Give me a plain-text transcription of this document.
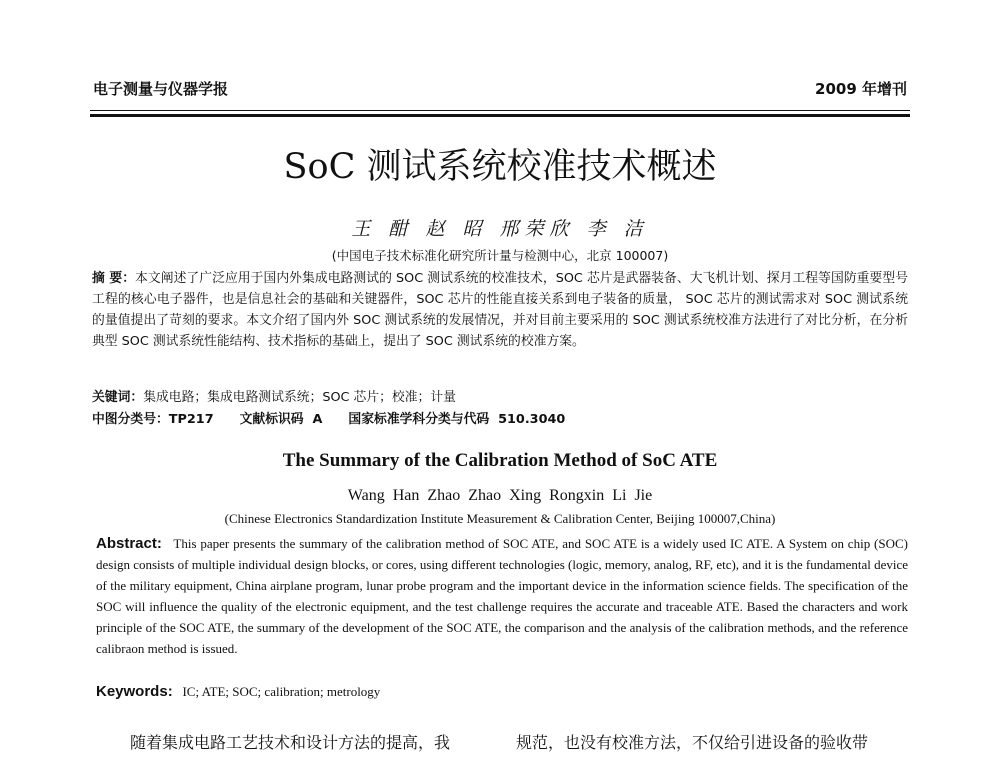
电子测量与仪器学报	2009 年增刊
SoC 测试系统校准技术概述
王 酣 赵 昭 邢荣欣 李 洁
(中国电子技术标准化研究所计量与检测中心，北京 100007)
摘 要：本文阐述了广泛应用于国内外集成电路测试的 SOC 测试系统的校准技术，SOC 芯片是武器装备、大飞机计划、探月工程等国防重要型号工程的核心电子器件，也是信息社会的基础和关键器件，SOC 芯片的性能直接关系到电子装备的质量， SOC 芯片的测试需求对 SOC 测试系统的量值提出了苛刻的要求。本文介绍了国内外 SOC 测试系统的发展情况，并对目前主要采用的 SOC 测试系统校准方法进行了对比分析，在分析典型 SOC 测试系统性能结构、技术指标的基础上，提出了 SOC 测试系统的校准方案。
关键词：集成电路；集成电路测试系统；SOC 芯片；校准；计量
中图分类号：TP217 文献标识码 A 国家标准学科分类与代码 510.3040
The Summary of the Calibration Method of SoC ATE
Wang Han Zhao Zhao Xing Rongxin Li Jie
(Chinese Electronics Standardization Institute Measurement & Calibration Center, Beijing 100007,China)
Abstract: This paper presents the summary of the calibration method of SOC ATE, and SOC ATE is a widely used IC ATE. A System on chip (SOC) design consists of multiple individual design blocks, or cores, using different technologies (logic, memory, analog, RF, etc), and it is the fundamental device of the military equipment, China airplane program, lunar probe program and the important device in the information science fields. The specification of the SOC will influence the quality of the electronic equipment, and the test challenge requires the accurate and traceable ATE. Based the characters and work principle of the SOC ATE, the summary of the development of the SOC ATE, the comparison and the analysis of the calibration methods, and the reference calibraon method is issued.
Keywords: IC; ATE; SOC; calibration; metrology
随着集成电路工艺技术和设计方法的提高，我	规范，也没有校准方法，不仅给引进设备的验收带
